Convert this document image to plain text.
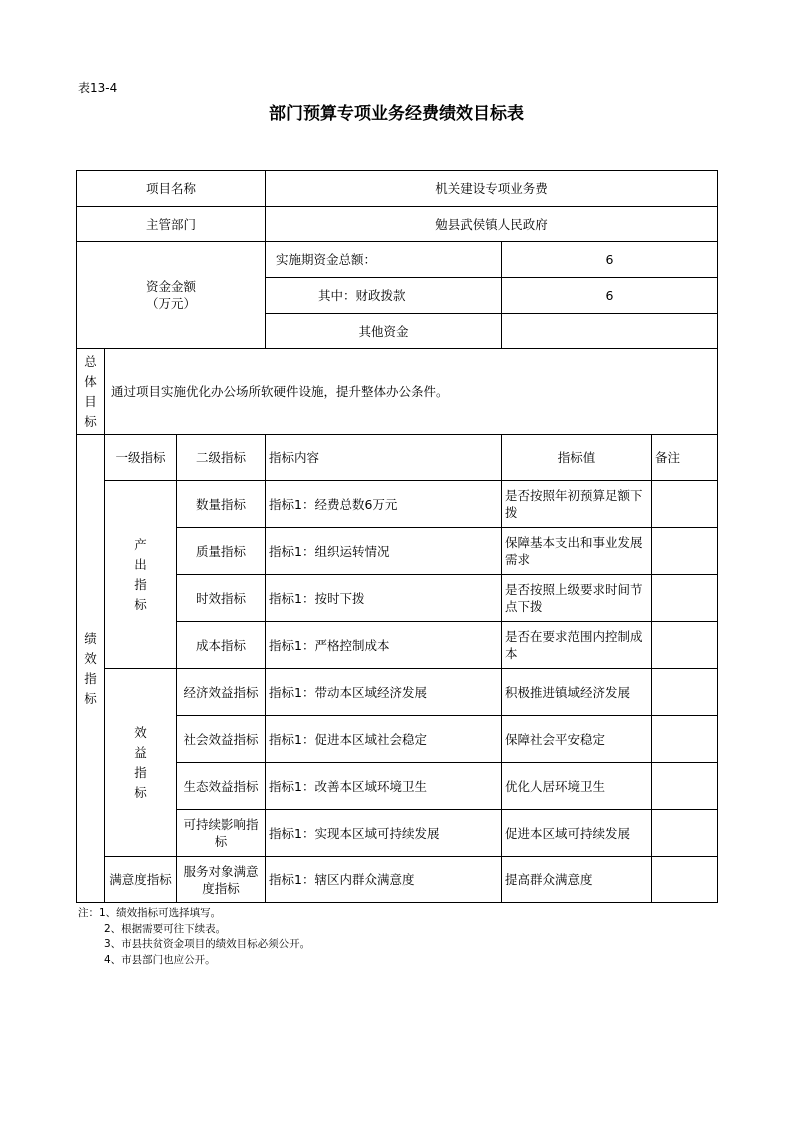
表13-4
部门预算专项业务经费绩效目标表
项目名称			机关建设专项业务费		
主管部门			勉县武侯镇人民政府		

资金金额
（万元）			实施期资金总额：	6	
			其中：财政拨款	6	
			其他资金		

总体目标	通过项目实施优化办公场所软硬件设施，提升整体办公条件。				

绩效指标	一级指标	二级指标	指标内容	指标值	备注

	产出指标	数量指标	指标1：经费总数6万元	是否按照年初预算足额下拨	
		质量指标	指标1：组织运转情况	保障基本支出和事业发展需求	
		时效指标	指标1：按时下拨	是否按照上级要求时间节点下拨	
		成本指标	指标1：严格控制成本	是否在要求范围内控制成本	

	效益指标	经济效益指标	指标1：带动本区域经济发展	积极推进镇域经济发展	
		社会效益指标	指标1：促进本区域社会稳定	保障社会平安稳定	
		生态效益指标	指标1：改善本区域环境卫生	优化人居环境卫生	
		可持续影响指标	指标1：实现本区域可持续发展	促进本区域可持续发展	
	满意度指标	服务对象满意度指标	指标1：辖区内群众满意度	提高群众满意度	
注：1、绩效指标可选择填写。
2、根据需要可往下续表。
3、市县扶贫资金项目的绩效目标必须公开。
4、市县部门也应公开。
